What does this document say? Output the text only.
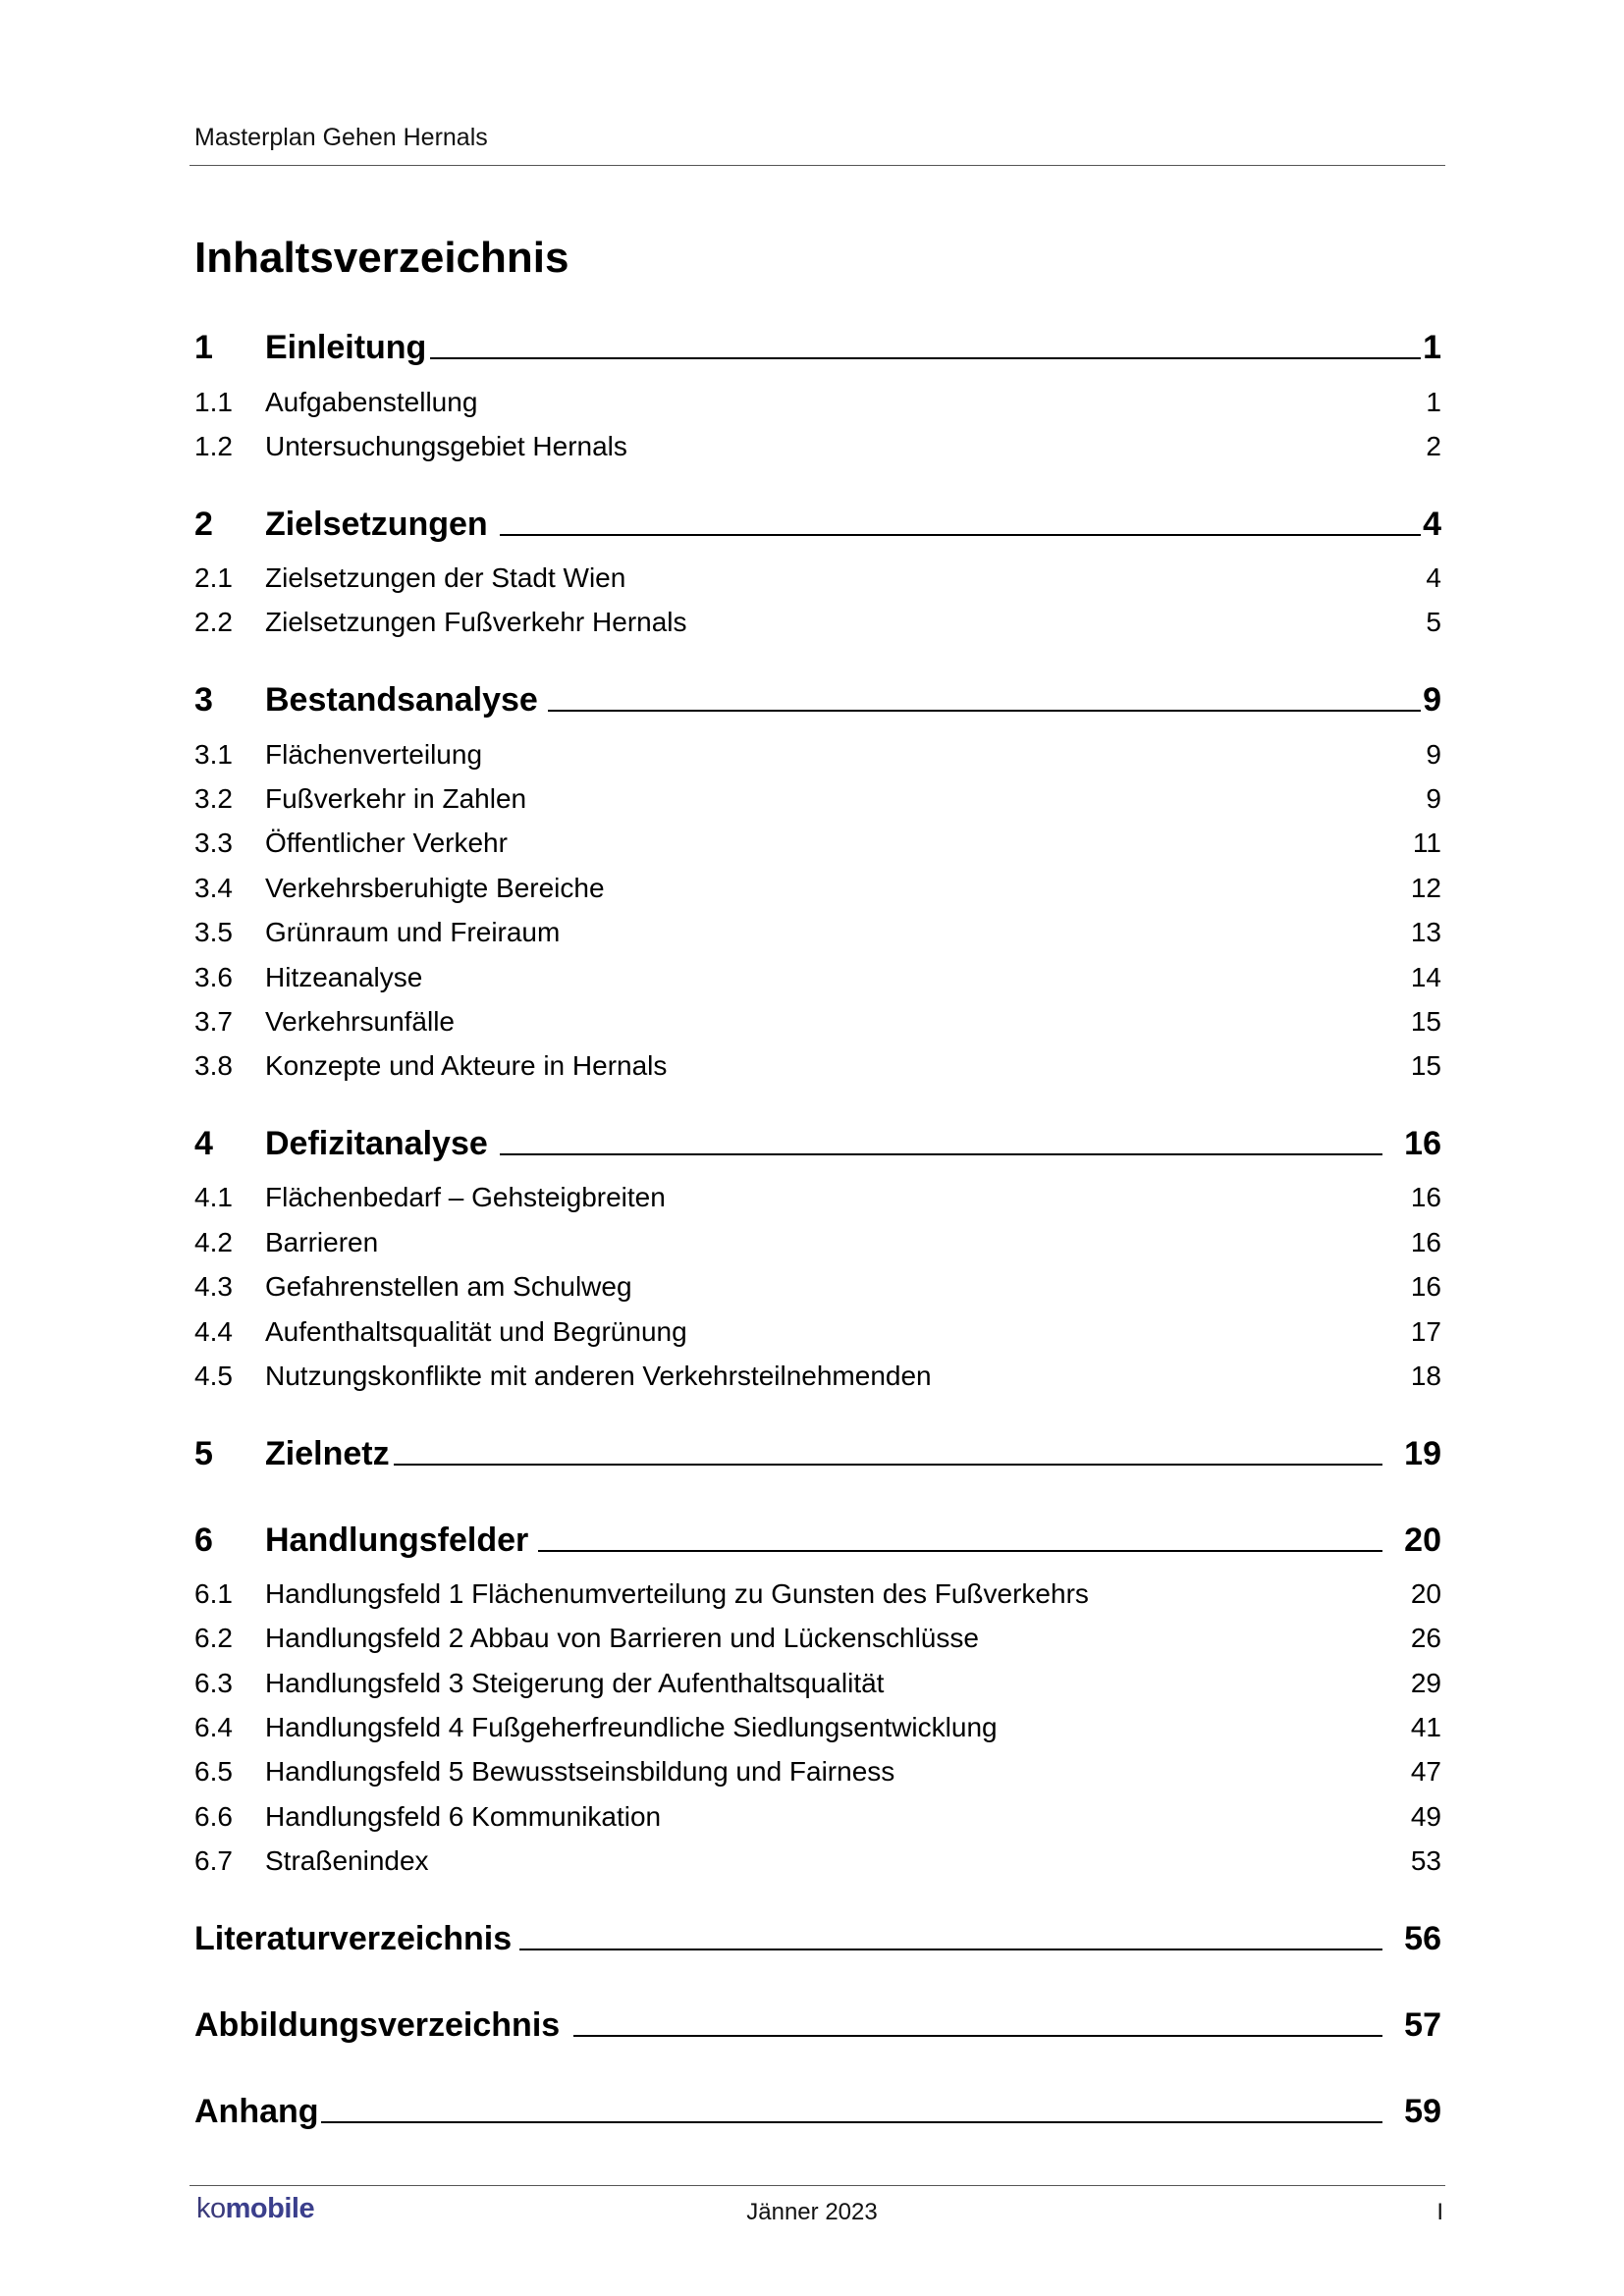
Masterplan Gehen Hernals
Inhaltsverzeichnis
1	Einleitung	1
1.1	Aufgabenstellung	1
1.2	Untersuchungsgebiet Hernals	2
2	Zielsetzungen	4
2.1	Zielsetzungen der Stadt Wien	4
2.2	Zielsetzungen Fußverkehr Hernals	5
3	Bestandsanalyse	9
3.1	Flächenverteilung	9
3.2	Fußverkehr in Zahlen	9
3.3	Öffentlicher Verkehr	11
3.4	Verkehrsberuhigte Bereiche	12
3.5	Grünraum und Freiraum	13
3.6	Hitzeanalyse	14
3.7	Verkehrsunfälle	15
3.8	Konzepte und Akteure in Hernals	15
4	Defizitanalyse	16
4.1	Flächenbedarf – Gehsteigbreiten	16
4.2	Barrieren	16
4.3	Gefahrenstellen am Schulweg	16
4.4	Aufenthaltsqualität und Begrünung	17
4.5	Nutzungskonflikte mit anderen Verkehrsteilnehmenden	18
5	Zielnetz	19
6	Handlungsfelder	20
6.1	Handlungsfeld 1 Flächenumverteilung zu Gunsten des Fußverkehrs	20
6.2	Handlungsfeld 2 Abbau von Barrieren und Lückenschlüsse	26
6.3	Handlungsfeld 3 Steigerung der Aufenthaltsqualität	29
6.4	Handlungsfeld 4 Fußgeherfreundliche Siedlungsentwicklung	41
6.5	Handlungsfeld 5 Bewusstseinsbildung und Fairness	47
6.6	Handlungsfeld 6 Kommunikation	49
6.7	Straßenindex	53
Literaturverzeichnis	56
Abbildungsverzeichnis	57
Anhang	59
komobile	Jänner 2023	I
